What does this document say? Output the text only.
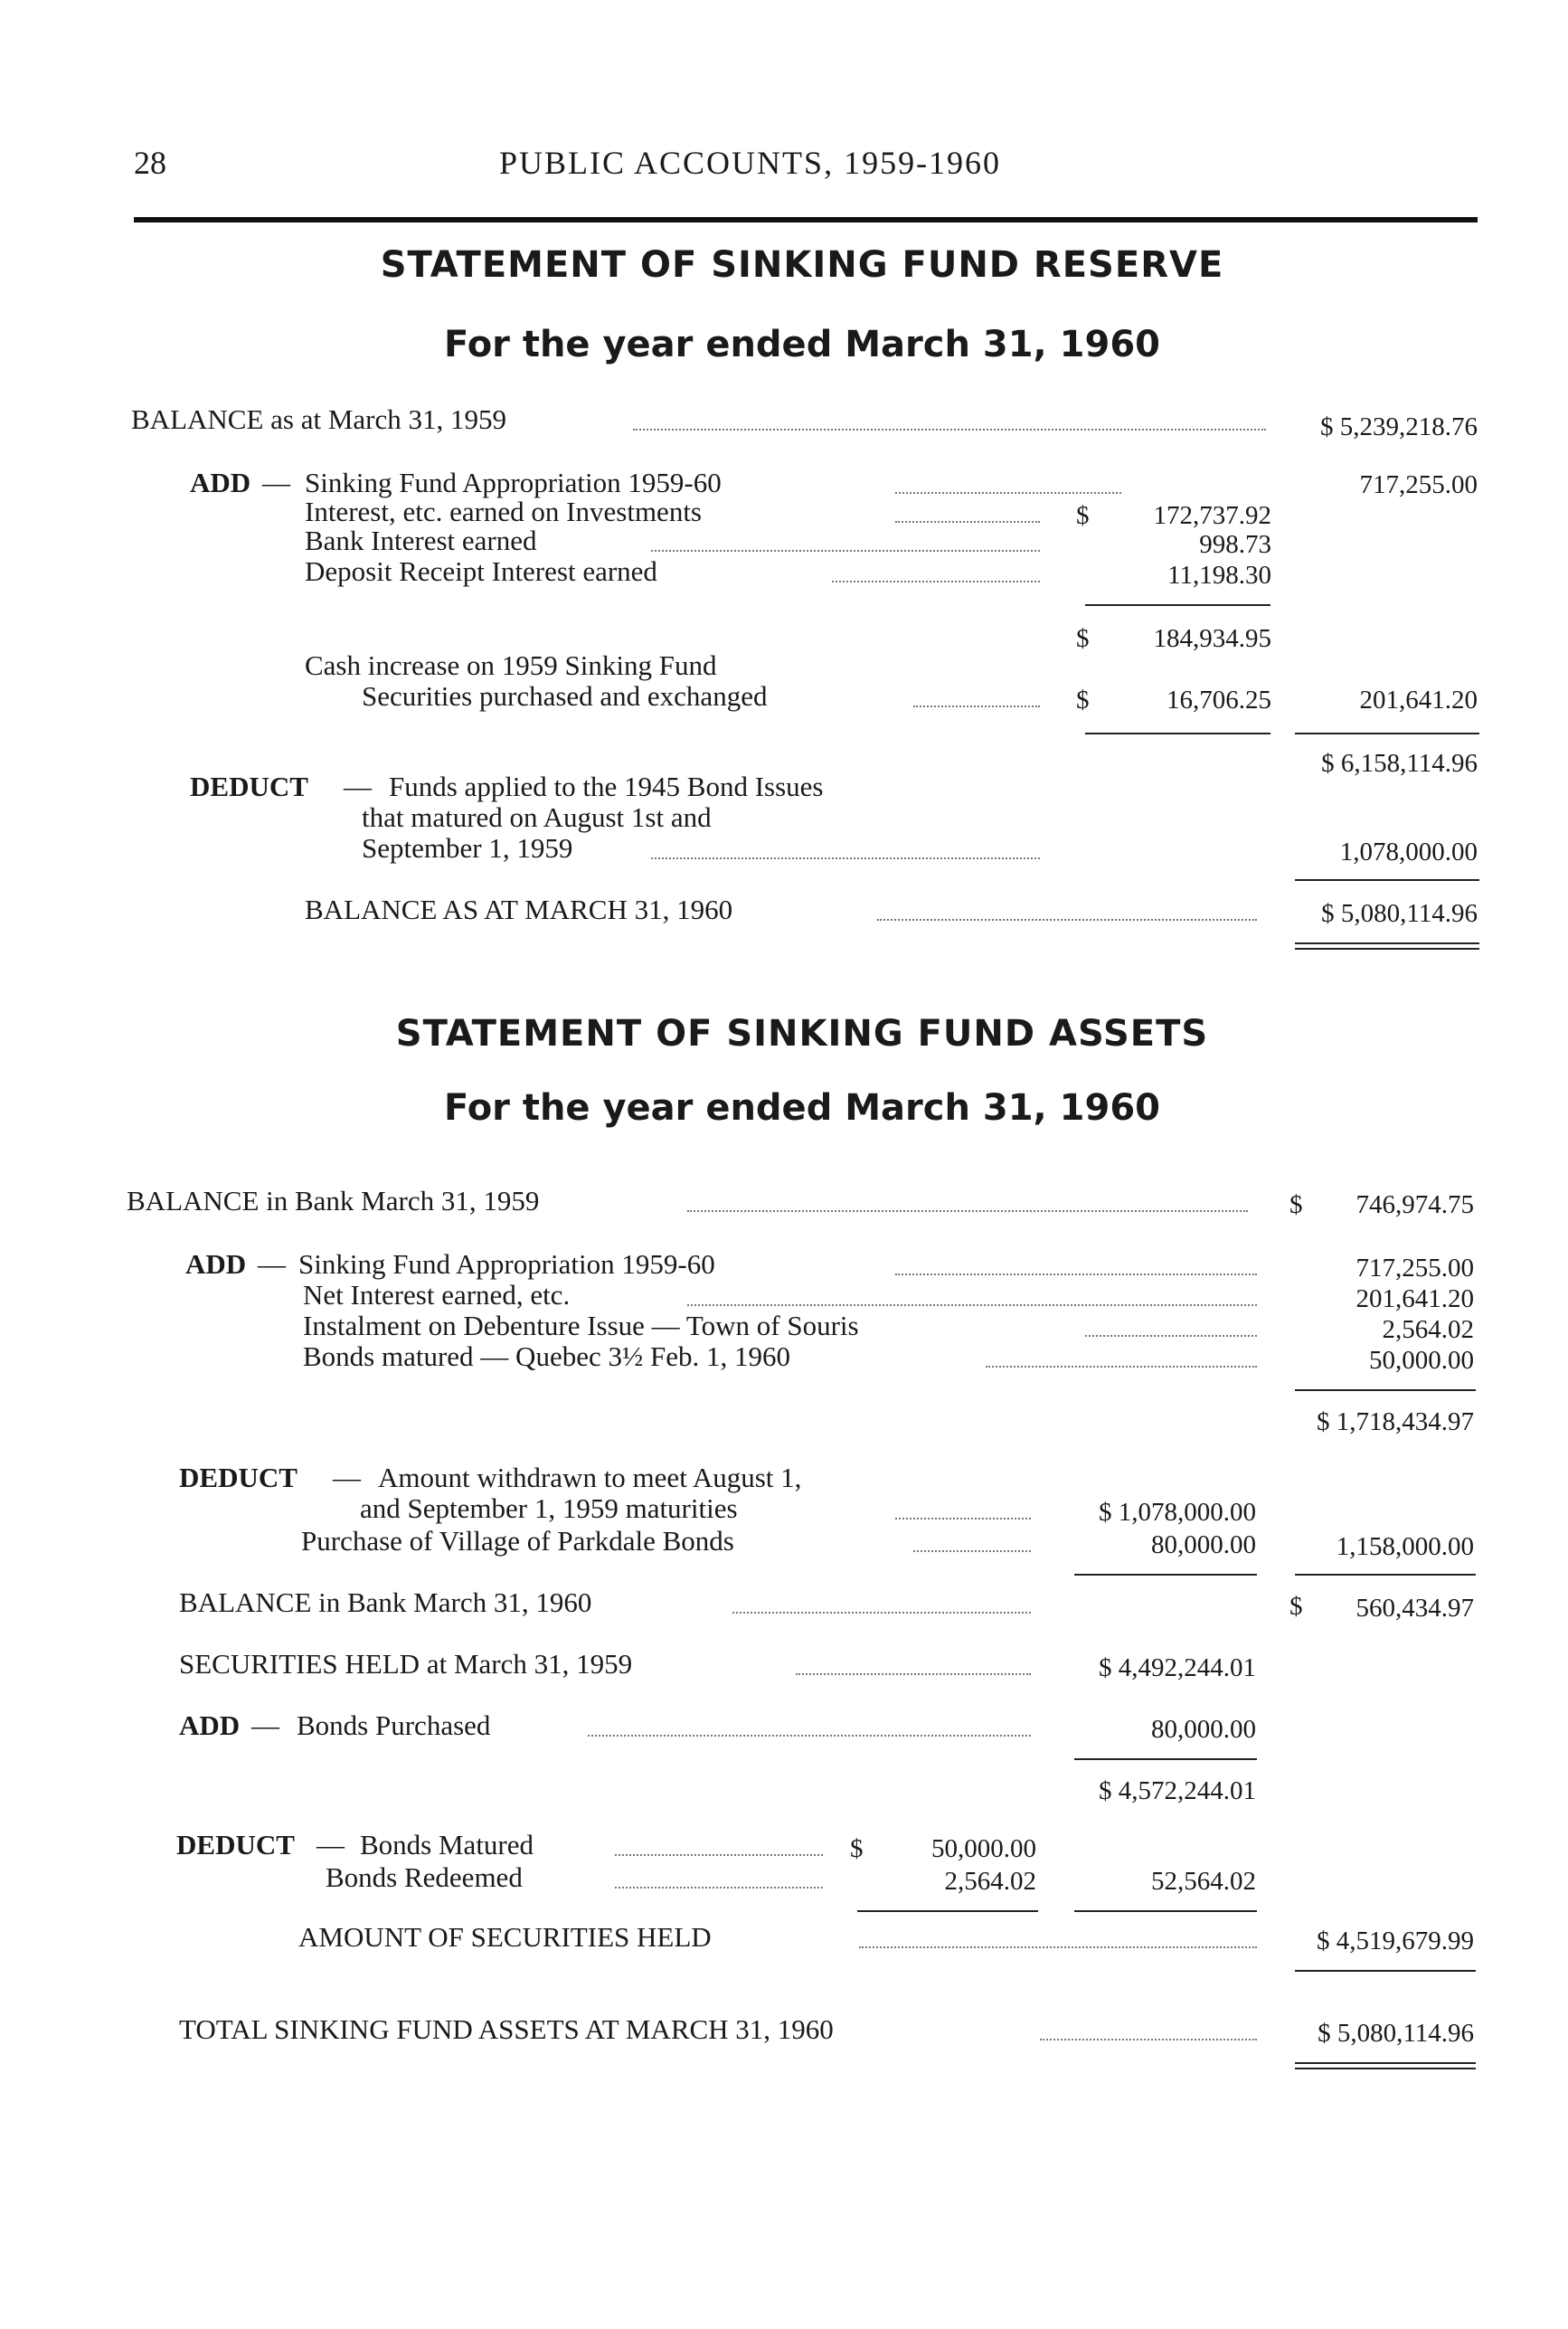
28	PUBLIC ACCOUNTS, 1959-1960
STATEMENT OF SINKING FUND RESERVE
For the year ended March 31, 1960
BALANCE as at March 31, 1959	$ 5,239,218.76
ADD — Sinking Fund Appropriation 1959-60	717,255.00
Interest, etc. earned on Investments	$ 172,737.92
Bank Interest earned	998.73
Deposit Receipt Interest earned	11,198.30
$ 184,934.95
Cash increase on 1959 Sinking Fund
Securities purchased and exchanged	$	16,706.25	201,641.20
$ 6,158,114.96
DEDUCT — Funds applied to the 1945 Bond Issues
that matured on August 1st and
September 1, 1959	1,078,000.00
BALANCE AS AT MARCH 31, 1960	$ 5,080,114.96
STATEMENT OF SINKING FUND ASSETS
For the year ended March 31, 1960
BALANCE in Bank March 31, 1959	$ 746,974.75
ADD — Sinking Fund Appropriation 1959-60	717,255.00
Net Interest earned, etc.	201,641.20
Instalment on Debenture Issue — Town of Souris	2,564.02
Bonds matured — Quebec 3½ Feb. 1, 1960	50,000.00
$ 1,718,434.97
DEDUCT — Amount withdrawn to meet August 1,
and September 1, 1959 maturities	$ 1,078,000.00
Purchase of Village of Parkdale Bonds	80,000.00	1,158,000.00
BALANCE in Bank March 31, 1960	$ 560,434.97
SECURITIES HELD at March 31, 1959	$ 4,492,244.01
ADD — Bonds Purchased	80,000.00
$ 4,572,244.01
DEDUCT — Bonds Matured	$	50,000.00
Bonds Redeemed	2,564.02	52,564.02
AMOUNT OF SECURITIES HELD	$ 4,519,679.99
TOTAL SINKING FUND ASSETS AT MARCH 31, 1960	$ 5,080,114.96
